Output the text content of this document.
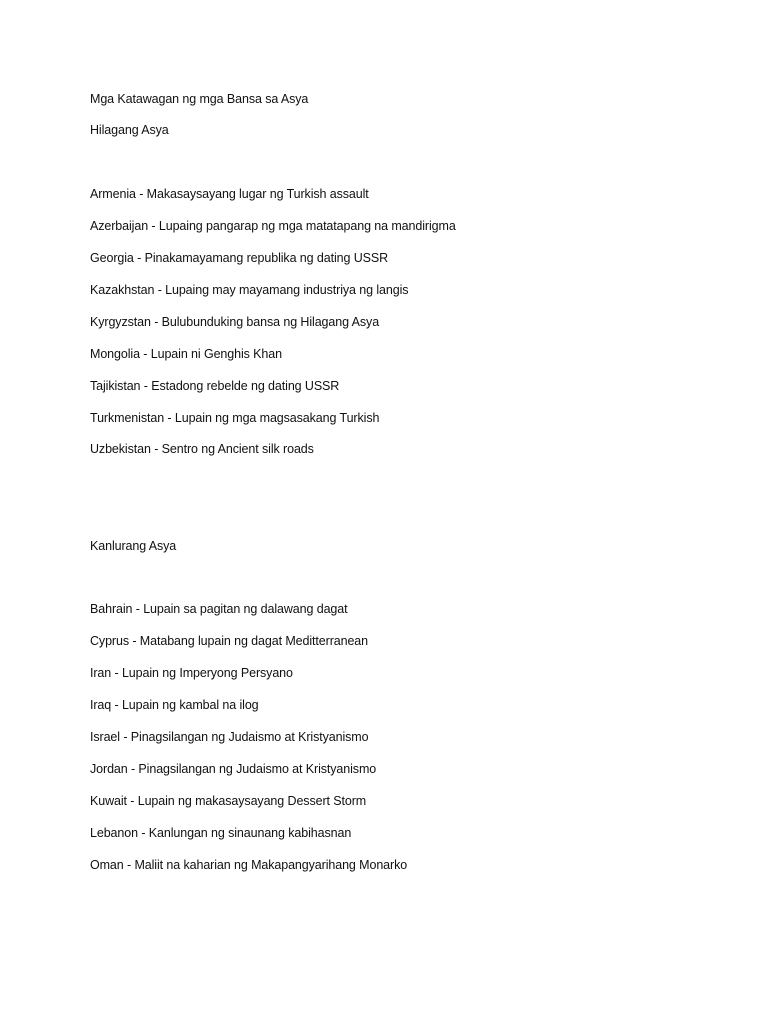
Mga Katawagan ng mga Bansa sa Asya
Hilagang Asya
Armenia - Makasaysayang lugar ng Turkish assault
Azerbaijan - Lupaing pangarap ng mga matatapang na mandirigma
Georgia - Pinakamayamang republika ng dating USSR
Kazakhstan - Lupaing may mayamang industriya ng langis
Kyrgyzstan - Bulubunduking bansa ng Hilagang Asya
Mongolia - Lupain ni Genghis Khan
Tajikistan - Estadong rebelde ng dating USSR
Turkmenistan - Lupain ng mga magsasakang Turkish
Uzbekistan - Sentro ng Ancient silk roads
Kanlurang Asya
Bahrain - Lupain sa pagitan ng dalawang dagat
Cyprus - Matabang lupain ng dagat Meditterranean
Iran - Lupain ng Imperyong Persyano
Iraq - Lupain ng kambal na ilog
Israel - Pinagsilangan ng Judaismo at Kristyanismo
Jordan - Pinagsilangan ng Judaismo at Kristyanismo
Kuwait - Lupain ng makasaysayang Dessert Storm
Lebanon - Kanlungan ng sinaunang kabihasnan
Oman - Maliit na kaharian ng Makapangyarihang Monarko
